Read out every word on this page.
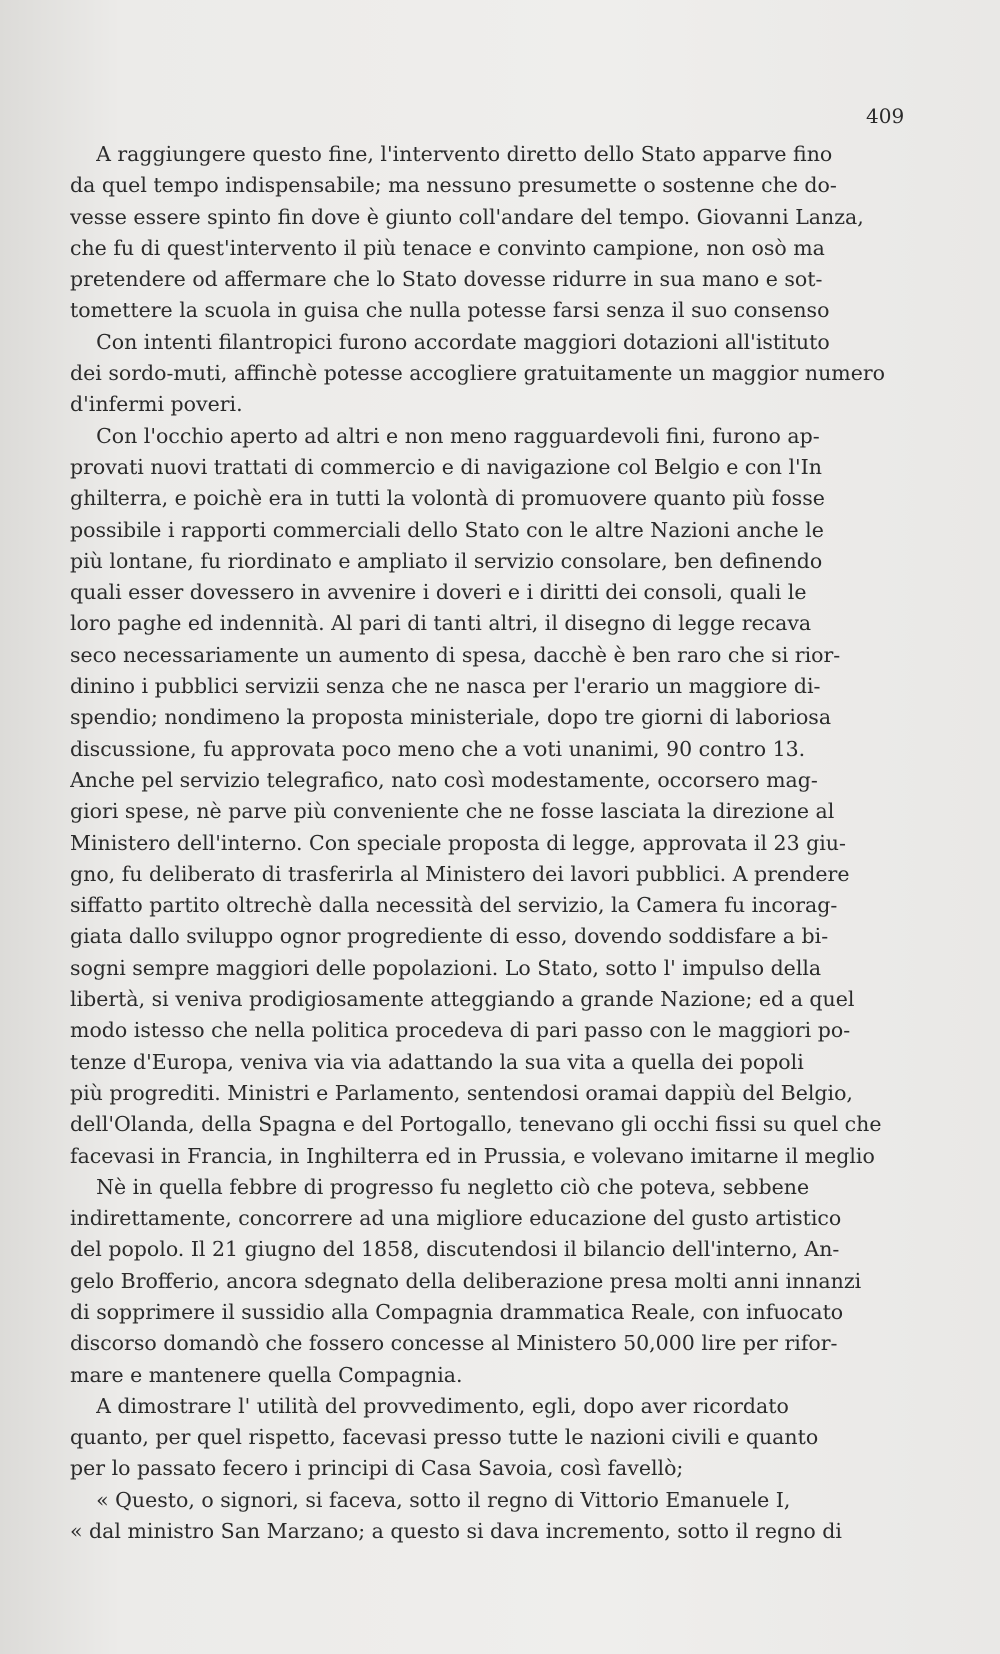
409
A raggiungere questo fine, l'intervento diretto dello Stato apparve fino
da quel tempo indispensabile; ma nessuno presumette o sostenne che do-
vesse essere spinto fin dove è giunto coll'andare del tempo. Giovanni Lanza,
che fu di quest'intervento il più tenace e convinto campione, non osò ma
pretendere od affermare che lo Stato dovesse ridurre in sua mano e sot-
tomettere la scuola in guisa che nulla potesse farsi senza il suo consenso
Con intenti filantropici furono accordate maggiori dotazioni all'istituto
dei sordo-muti, affinchè potesse accogliere gratuitamente un maggior numero
d'infermi poveri.
Con l'occhio aperto ad altri e non meno ragguardevoli fini, furono ap-
provati nuovi trattati di commercio e di navigazione col Belgio e con l'In
ghilterra, e poichè era in tutti la volontà di promuovere quanto più fosse
possibile i rapporti commerciali dello Stato con le altre Nazioni anche le
più lontane, fu riordinato e ampliato il servizio consolare, ben definendo
quali esser dovessero in avvenire i doveri e i diritti dei consoli, quali le
loro paghe ed indennità. Al pari di tanti altri, il disegno di legge recava
seco necessariamente un aumento di spesa, dacchè è ben raro che si rior-
dinino i pubblici servizii senza che ne nasca per l'erario un maggiore di-
spendio; nondimeno la proposta ministeriale, dopo tre giorni di laboriosa
discussione, fu approvata poco meno che a voti unanimi, 90 contro 13.
Anche pel servizio telegrafico, nato così modestamente, occorsero mag-
giori spese, nè parve più conveniente che ne fosse lasciata la direzione al
Ministero dell'interno. Con speciale proposta di legge, approvata il 23 giu-
gno, fu deliberato di trasferirla al Ministero dei lavori pubblici. A prendere
siffatto partito oltrechè dalla necessità del servizio, la Camera fu incorag-
giata dallo sviluppo ognor progrediente di esso, dovendo soddisfare a bi-
sogni sempre maggiori delle popolazioni. Lo Stato, sotto l' impulso della
libertà, si veniva prodigiosamente atteggiando a grande Nazione; ed a quel
modo istesso che nella politica procedeva di pari passo con le maggiori po-
tenze d'Europa, veniva via via adattando la sua vita a quella dei popoli
più progrediti. Ministri e Parlamento, sentendosi oramai dappiù del Belgio,
dell'Olanda, della Spagna e del Portogallo, tenevano gli occhi fissi su quel che
facevasi in Francia, in Inghilterra ed in Prussia, e volevano imitarne il meglio
Nè in quella febbre di progresso fu negletto ciò che poteva, sebbene
indirettamente, concorrere ad una migliore educazione del gusto artistico
del popolo. Il 21 giugno del 1858, discutendosi il bilancio dell'interno, An-
gelo Brofferio, ancora sdegnato della deliberazione presa molti anni innanzi
di sopprimere il sussidio alla Compagnia drammatica Reale, con infuocato
discorso domandò che fossero concesse al Ministero 50,000 lire per rifor-
mare e mantenere quella Compagnia.
A dimostrare l' utilità del provvedimento, egli, dopo aver ricordato
quanto, per quel rispetto, facevasi presso tutte le nazioni civili e quanto
per lo passato fecero i principi di Casa Savoia, così favellò;
« Questo, o signori, si faceva, sotto il regno di Vittorio Emanuele I,
« dal ministro San Marzano; a questo si dava incremento, sotto il regno di
